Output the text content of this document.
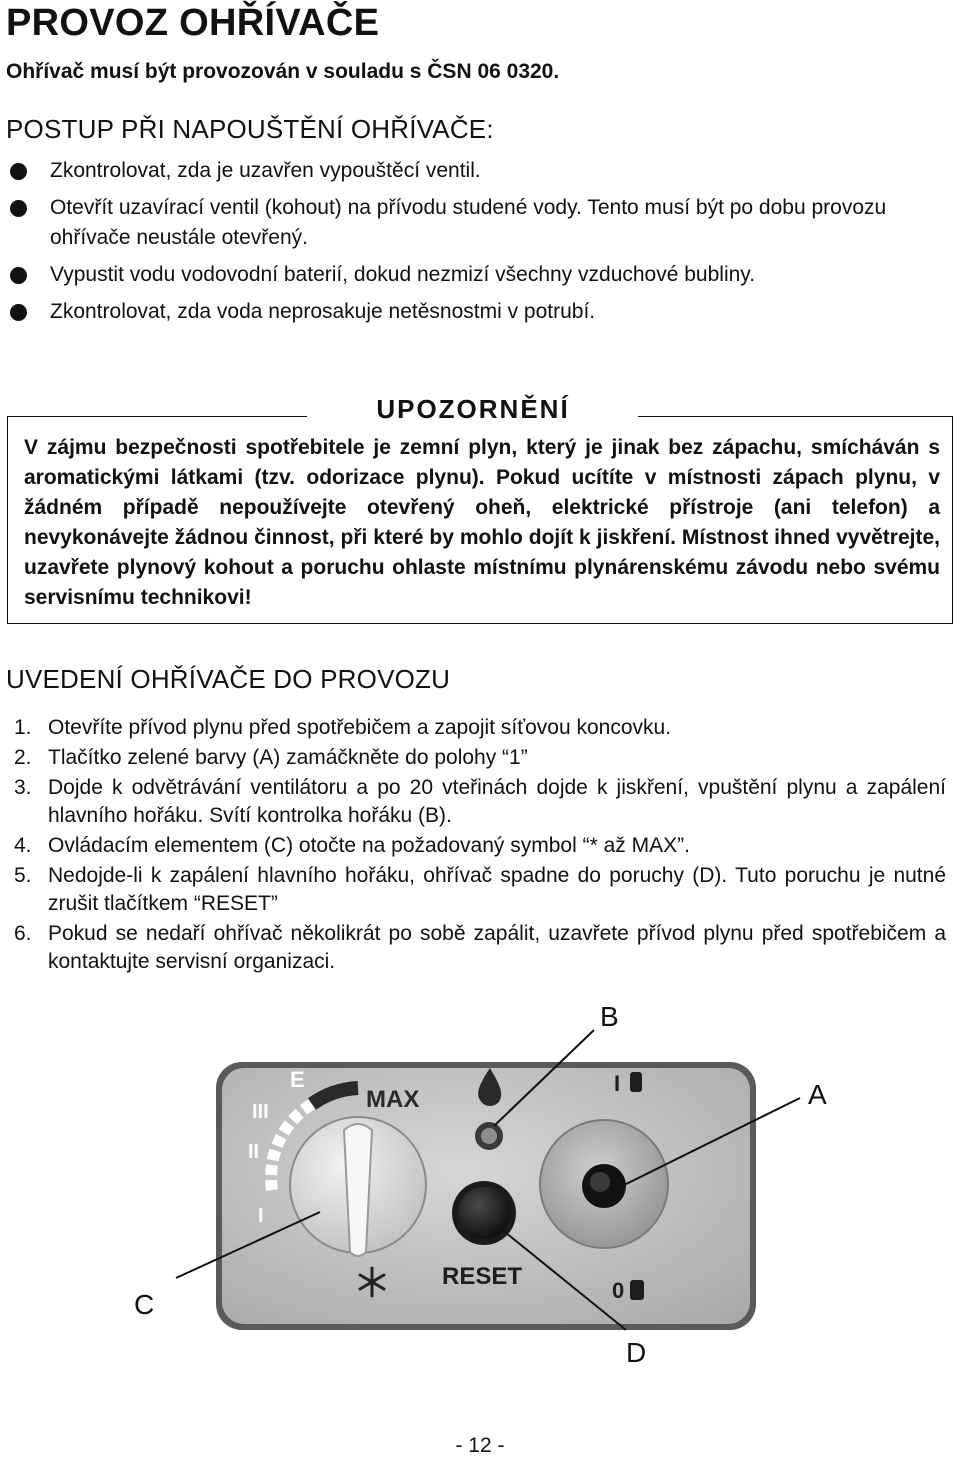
PROVOZ OHŘÍVAČE
Ohřívač musí být provozován v souladu s ČSN 06 0320.
POSTUP PŘI NAPOUŠTĚNÍ OHŘÍVAČE:
Zkontrolovat, zda je uzavřen vypouštěcí ventil.
Otevřít uzavírací ventil (kohout) na přívodu studené vody. Tento musí být po dobu provozu ohřívače neustále otevřený.
Vypustit vodu vodovodní baterií, dokud nezmizí všechny vzduchové bubliny.
Zkontrolovat, zda voda neprosakuje netěsnostmi v potrubí.
UPOZORNĚNÍ
V zájmu bezpečnosti spotřebitele je zemní plyn, který je jinak bez zápachu, smícháván s aromatickými látkami (tzv. odorizace plynu). Pokud ucítíte v místnosti zápach plynu, v žádném případě nepoužívejte otevřený oheň, elektrické přístroje (ani telefon) a nevykonávejte žádnou činnost, při které by mohlo dojít k jiskření. Místnost ihned vyvětrejte, uzavřete plynový kohout a poruchu ohlaste místnímu plynárenskému závodu nebo svému servisnímu technikovi!
UVEDENÍ OHŘÍVAČE DO PROVOZU
1. Otevříte přívod plynu před spotřebičem a zapojit síťovou koncovku.
2. Tlačítko zelené barvy (A) zamáčkněte do polohy “1”
3. Dojde k odvětrávání ventilátoru a po 20 vteřinách dojde k jiskření, vpuštění plynu a zapálení hlavního hořáku. Svítí kontrolka hořáku (B).
4. Ovládacím elementem (C) otočte na požadovaný symbol “* až MAX”.
5. Nedojde-li k zapálení hlavního hořáku, ohřívač spadne do poruchy (D). Tuto poruchu je nutné zrušit tlačítkem “RESET”
6. Pokud se nedaří ohřívač několikrát po sobě zapálit, uzavřete přívod plynu před spotřebičem a kontaktujte servisní organizaci.
E
III
II
I
MAX
RESET
I
0
B
A
C
D
- 12 -
